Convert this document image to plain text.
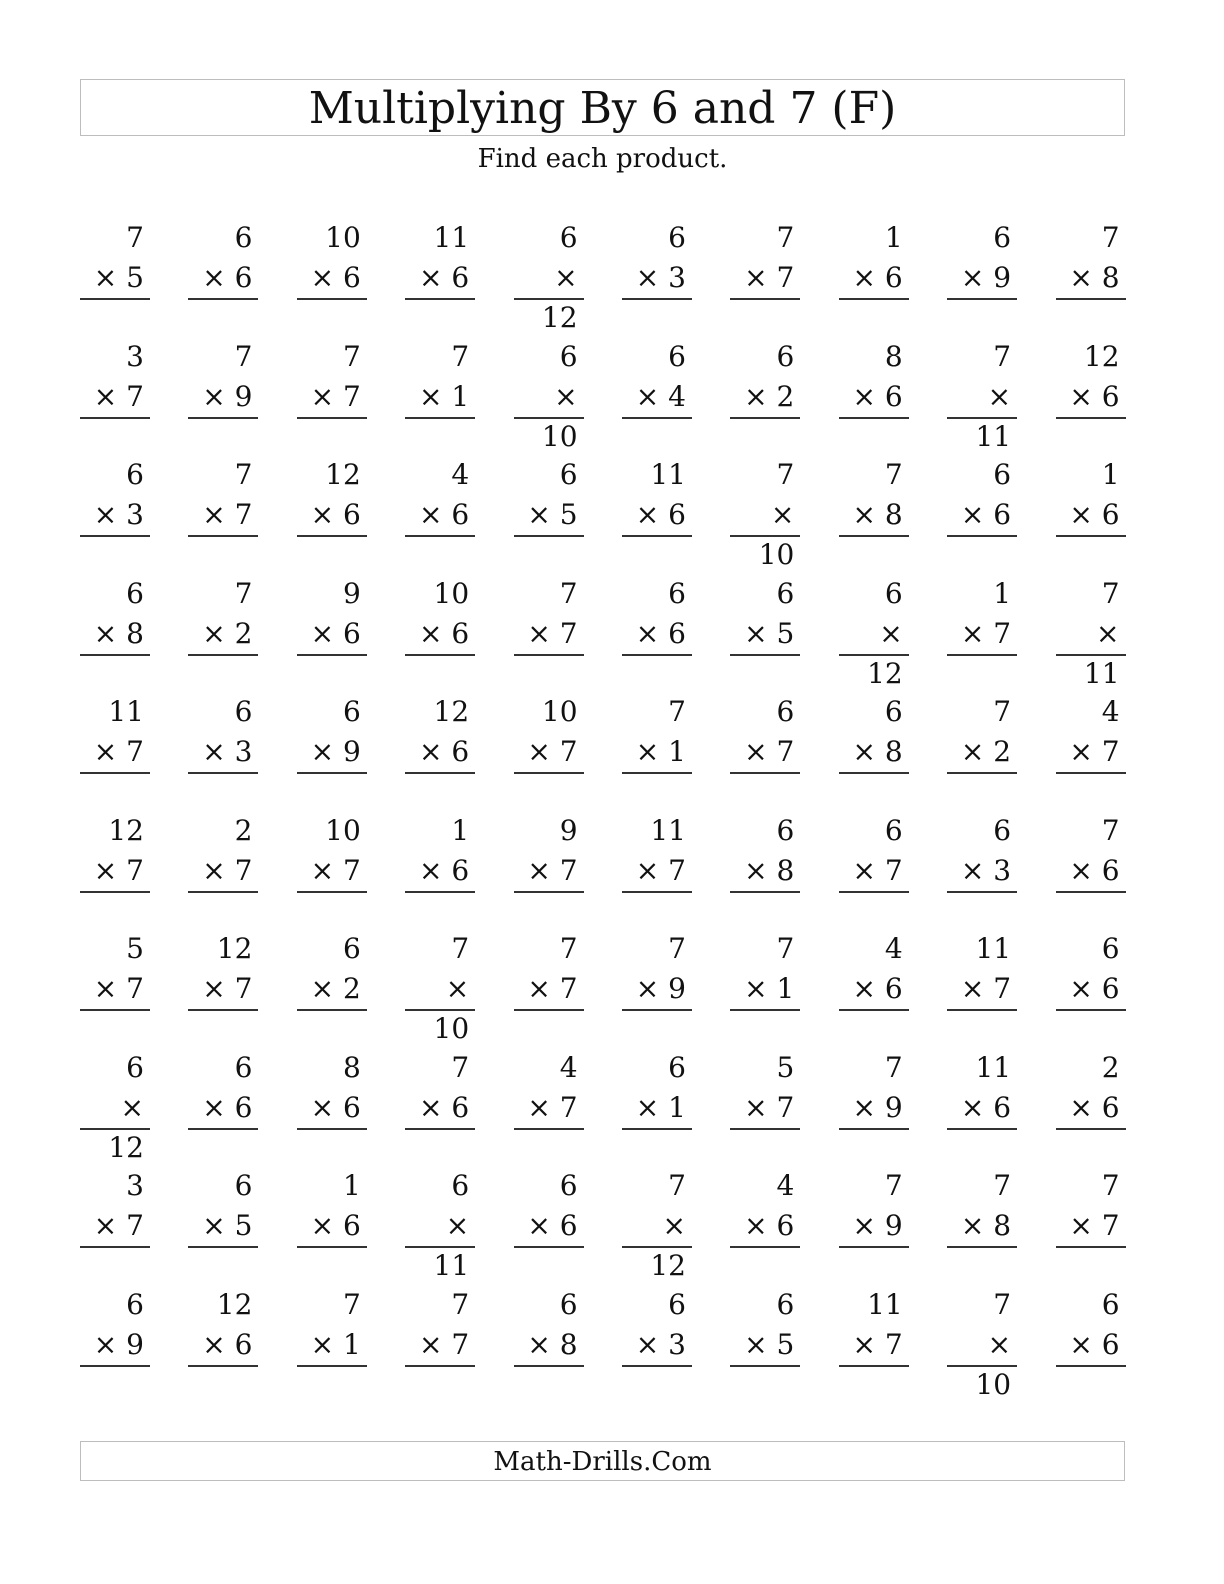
Multiplying By 6 and 7 (F)
Find each product.
7
× 5
6
× 6
10
× 6
11
× 6
6
× 12
6
× 3
7
× 7
1
× 6
6
× 9
7
× 8
3
× 7
7
× 9
7
× 7
7
× 1
6
× 10
6
× 4
6
× 2
8
× 6
7
× 11
12
× 6
6
× 3
7
× 7
12
× 6
4
× 6
6
× 5
11
× 6
7
× 10
7
× 8
6
× 6
1
× 6
6
× 8
7
× 2
9
× 6
10
× 6
7
× 7
6
× 6
6
× 5
6
× 12
1
× 7
7
× 11
11
× 7
6
× 3
6
× 9
12
× 6
10
× 7
7
× 1
6
× 7
6
× 8
7
× 2
4
× 7
12
× 7
2
× 7
10
× 7
1
× 6
9
× 7
11
× 7
6
× 8
6
× 7
6
× 3
7
× 6
5
× 7
12
× 7
6
× 2
7
× 10
7
× 7
7
× 9
7
× 1
4
× 6
11
× 7
6
× 6
6
× 12
6
× 6
8
× 6
7
× 6
4
× 7
6
× 1
5
× 7
7
× 9
11
× 6
2
× 6
3
× 7
6
× 5
1
× 6
6
× 11
6
× 6
7
× 12
4
× 6
7
× 9
7
× 8
7
× 7
6
× 9
12
× 6
7
× 1
7
× 7
6
× 8
6
× 3
6
× 5
11
× 7
7
× 10
6
× 6
Math-Drills.Com
